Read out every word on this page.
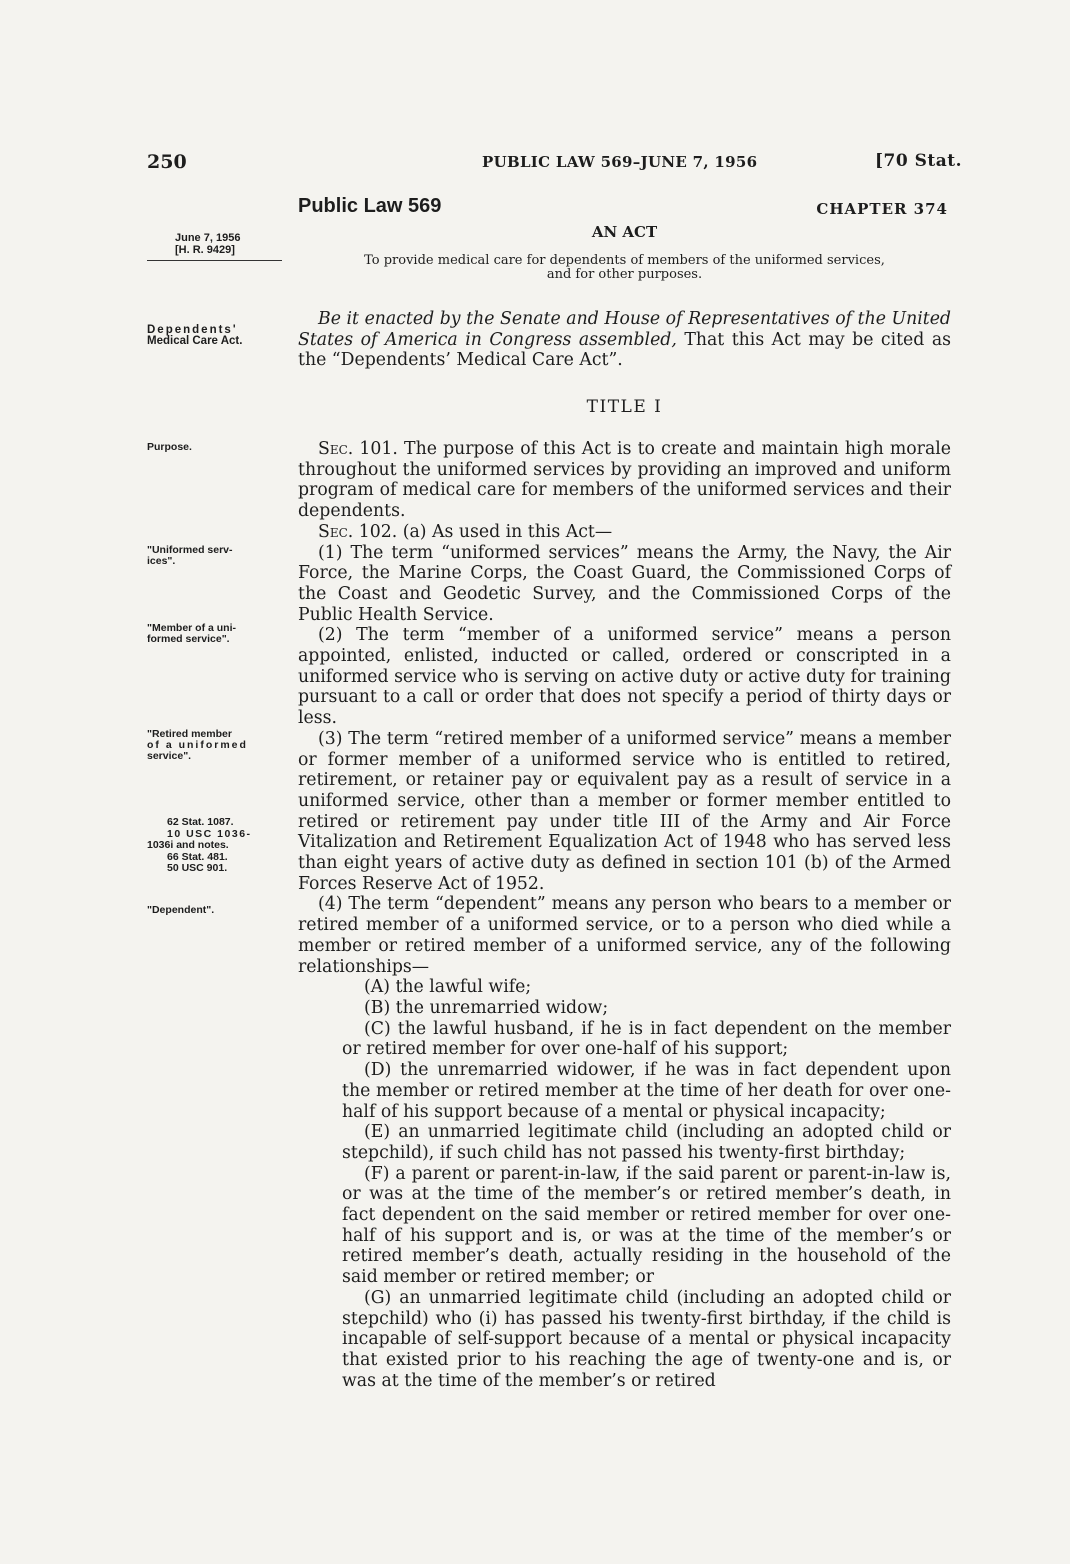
250	PUBLIC LAW 569–JUNE 7, 1956	[70 Stat.
Public Law 569	CHAPTER 374
AN ACT
To provide medical care for dependents of members of the uniformed services,
and for other purposes.
June 7, 1956
[H. R. 9429]
Dependents'
Medical Care Act.
Purpose.
"Uniformed serv-
ices".
"Member of a uni-
formed service".
"Retired member
of a uniformed
service".
62 Stat. 1087.
10 USC 1036-
1036i and notes.
66 Stat. 481.
50 USC 901.
"Dependent".

Be it enacted by the Senate and House of Representatives of the United States of America in Congress assembled, That this Act may be cited as the “Dependents’ Medical Care Act”.

TITLE I

Sec. 101. The purpose of this Act is to create and maintain high morale throughout the uniformed services by providing an improved and uniform program of medical care for members of the uniformed services and their dependents.

Sec. 102. (a) As used in this Act—

(1) The term “uniformed services” means the Army, the Navy, the Air Force, the Marine Corps, the Coast Guard, the Commissioned Corps of the Coast and Geodetic Survey, and the Commissioned Corps of the Public Health Service.

(2) The term “member of a uniformed service” means a person appointed, enlisted, inducted or called, ordered or conscripted in a uniformed service who is serving on active duty or active duty for training pursuant to a call or order that does not specify a period of thirty days or less.

(3) The term “retired member of a uniformed service” means a member or former member of a uniformed service who is entitled to retired, retirement, or retainer pay or equivalent pay as a result of service in a uniformed service, other than a member or former member entitled to retired or retirement pay under title III of the Army and Air Force Vitalization and Retirement Equalization Act of 1948 who has served less than eight years of active duty as defined in section 101 (b) of the Armed Forces Reserve Act of 1952.

(4) The term “dependent” means any person who bears to a member or retired member of a uniformed service, or to a person who died while a member or retired member of a uniformed service, any of the following relationships—

(A) the lawful wife;

(B) the unremarried widow;

(C) the lawful husband, if he is in fact dependent on the member or retired member for over one-half of his support;

(D) the unremarried widower, if he was in fact dependent upon the member or retired member at the time of her death for over one-half of his support because of a mental or physical incapacity;

(E) an unmarried legitimate child (including an adopted child or stepchild), if such child has not passed his twenty-first birthday;

(F) a parent or parent-in-law, if the said parent or parent-in-law is, or was at the time of the member’s or retired member’s death, in fact dependent on the said member or retired member for over one-half of his support and is, or was at the time of the member’s or retired member’s death, actually residing in the household of the said member or retired member; or

(G) an unmarried legitimate child (including an adopted child or stepchild) who (i) has passed his twenty-first birthday, if the child is incapable of self-support because of a mental or physical incapacity that existed prior to his reaching the age of twenty-one and is, or was at the time of the member’s or retired
